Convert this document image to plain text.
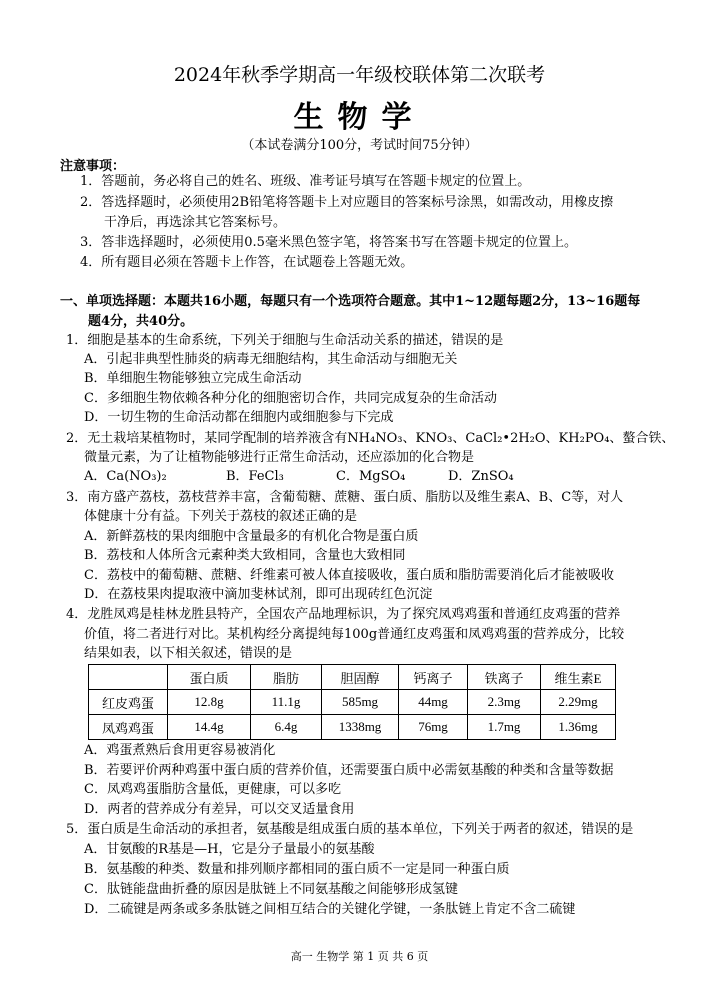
2024年秋季学期高一年级校联体第二次联考
生物学
（本试卷满分100分，考试时间75分钟）
注意事项：
1．答题前，务必将自己的姓名、班级、准考证号填写在答题卡规定的位置上。
2．答选择题时，必须使用2B铅笔将答题卡上对应题目的答案标号涂黑，如需改动，用橡皮擦
干净后，再选涂其它答案标号。
3．答非选择题时，必须使用0.5毫米黑色签字笔，将答案书写在答题卡规定的位置上。
4．所有题目必须在答题卡上作答，在试题卷上答题无效。
一、单项选择题：本题共16小题，每题只有一个选项符合题意。其中1~12题每题2分，13~16题每
题4分，共40分。
1．细胞是基本的生命系统，下列关于细胞与生命活动关系的描述，错误的是
A．引起非典型性肺炎的病毒无细胞结构，其生命活动与细胞无关
B．单细胞生物能够独立完成生命活动
C．多细胞生物依赖各种分化的细胞密切合作，共同完成复杂的生命活动
D．一切生物的生命活动都在细胞内或细胞参与下完成
2．无土栽培某植物时，某同学配制的培养液含有NH₄NO₃、KNO₃、CaCl₂•2H₂O、KH₂PO₄、螯合铁、
微量元素，为了让植物能够进行正常生命活动，还应添加的化合物是
A．Ca(NO₃)₂	B．FeCl₃	C．MgSO₄	D．ZnSO₄
3．南方盛产荔枝，荔枝营养丰富，含葡萄糖、蔗糖、蛋白质、脂肪以及维生素A、B、C等，对人
体健康十分有益。下列关于荔枝的叙述正确的是
A．新鲜荔枝的果肉细胞中含量最多的有机化合物是蛋白质
B．荔枝和人体所含元素种类大致相同，含量也大致相同
C．荔枝中的葡萄糖、蔗糖、纤维素可被人体直接吸收，蛋白质和脂肪需要消化后才能被吸收
D．在荔枝果肉提取液中滴加斐林试剂，即可出现砖红色沉淀
4．龙胜凤鸡是桂林龙胜县特产，全国农产品地理标识，为了探究凤鸡鸡蛋和普通红皮鸡蛋的营养
价值，将二者进行对比。某机构经分离提纯每100g普通红皮鸡蛋和凤鸡鸡蛋的营养成分，比较
结果如表，以下相关叙述，错误的是
	蛋白质	脂肪	胆固醇	钙离子	铁离子	维生素E
红皮鸡蛋	12.8g	11.1g	585mg	44mg	2.3mg	2.29mg
凤鸡鸡蛋	14.4g	6.4g	1338mg	76mg	1.7mg	1.36mg
A．鸡蛋煮熟后食用更容易被消化
B．若要评价两种鸡蛋中蛋白质的营养价值，还需要蛋白质中必需氨基酸的种类和含量等数据
C．凤鸡鸡蛋脂肪含量低，更健康，可以多吃
D．两者的营养成分有差异，可以交叉适量食用
5．蛋白质是生命活动的承担者，氨基酸是组成蛋白质的基本单位，下列关于两者的叙述，错误的是
A．甘氨酸的R基是—H，它是分子量最小的氨基酸
B．氨基酸的种类、数量和排列顺序都相同的蛋白质不一定是同一种蛋白质
C．肽链能盘曲折叠的原因是肽链上不同氨基酸之间能够形成氢键
D．二硫键是两条或多条肽链之间相互结合的关键化学键，一条肽链上肯定不含二硫键
高一 生物学 第 1 页 共 6 页
